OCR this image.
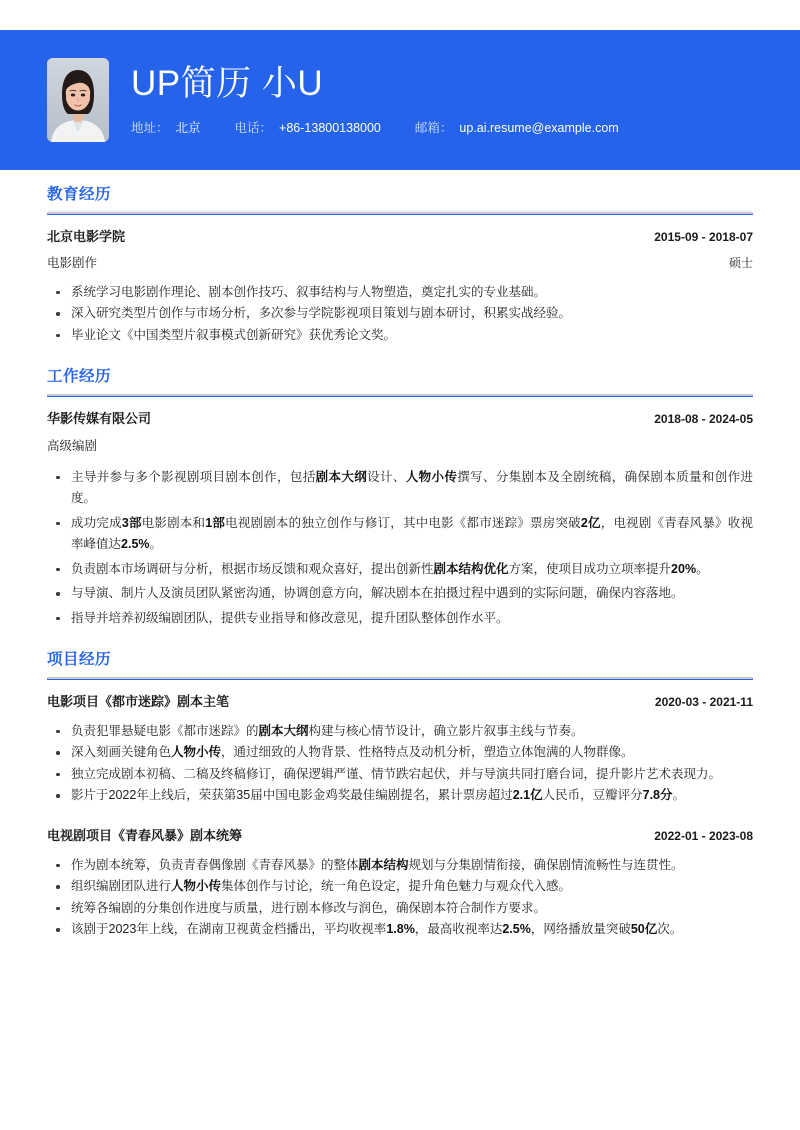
UP简历 小U
地址： 北京	电话： +86-13800138000	邮箱： up.ai.resume@example.com
教育经历
北京电影学院	2015-09 - 2018-07
电影剧作	硕士
系统学习电影剧作理论、剧本创作技巧、叙事结构与人物塑造，奠定扎实的专业基础。
深入研究类型片创作与市场分析，多次参与学院影视项目策划与剧本研讨，积累实战经验。
毕业论文《中国类型片叙事模式创新研究》获优秀论文奖。
工作经历
华影传媒有限公司	2018-08 - 2024-05
高级编剧
主导并参与多个影视剧项目剧本创作，包括剧本大纲设计、人物小传撰写、分集剧本及全剧统稿，确保剧本质量和创作进度。
成功完成3部电影剧本和1部电视剧剧本的独立创作与修订，其中电影《都市迷踪》票房突破2亿，电视剧《青春风暴》收视率峰值达2.5%。
负责剧本市场调研与分析，根据市场反馈和观众喜好，提出创新性剧本结构优化方案，使项目成功立项率提升20%。
与导演、制片人及演员团队紧密沟通，协调创意方向，解决剧本在拍摄过程中遇到的实际问题，确保内容落地。
指导并培养初级编剧团队，提供专业指导和修改意见，提升团队整体创作水平。
项目经历
电影项目《都市迷踪》剧本主笔	2020-03 - 2021-11
负责犯罪悬疑电影《都市迷踪》的剧本大纲构建与核心情节设计，确立影片叙事主线与节奏。
深入刻画关键角色人物小传，通过细致的人物背景、性格特点及动机分析，塑造立体饱满的人物群像。
独立完成剧本初稿、二稿及终稿修订，确保逻辑严谨、情节跌宕起伏，并与导演共同打磨台词，提升影片艺术表现力。
影片于2022年上线后，荣获第35届中国电影金鸡奖最佳编剧提名，累计票房超过2.1亿人民币，豆瓣评分7.8分。
电视剧项目《青春风暴》剧本统筹	2022-01 - 2023-08
作为剧本统筹，负责青春偶像剧《青春风暴》的整体剧本结构规划与分集剧情衔接，确保剧情流畅性与连贯性。
组织编剧团队进行人物小传集体创作与讨论，统一角色设定，提升角色魅力与观众代入感。
统筹各编剧的分集创作进度与质量，进行剧本修改与润色，确保剧本符合制作方要求。
该剧于2023年上线，在湖南卫视黄金档播出，平均收视率1.8%，最高收视率达2.5%，网络播放量突破50亿次。
